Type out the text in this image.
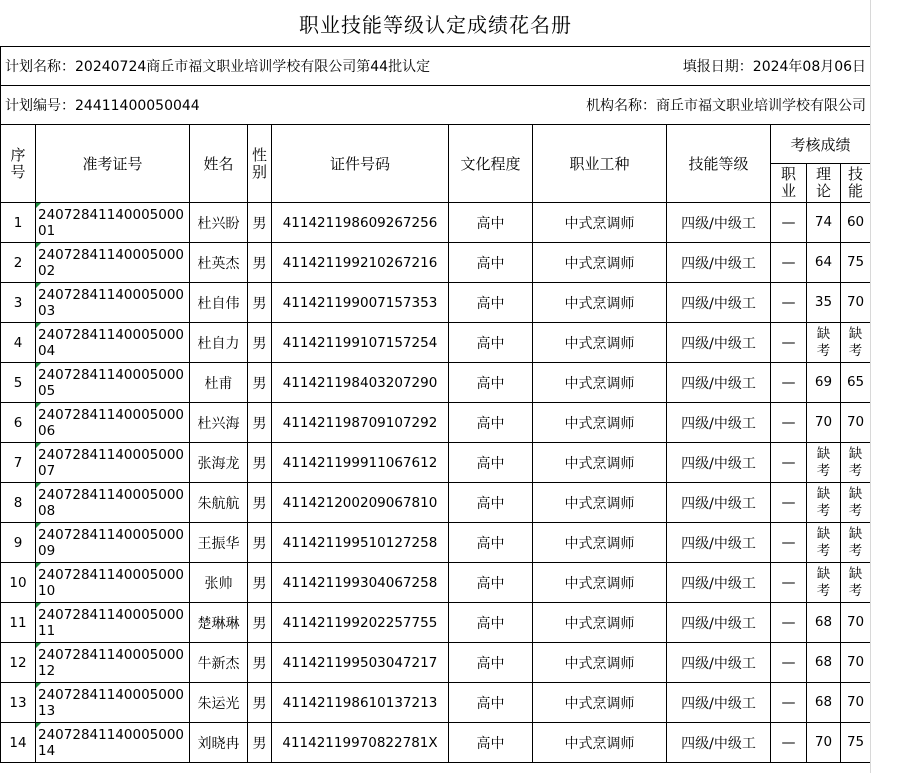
职业技能等级认定成绩花名册										
计划名称：20240724商丘市福文职业培训学校有限公司第44批认定							填报日期：2024年08月06日			
计划编号：24411400050044						机构名称：商丘市福文职业培训学校有限公司				
序号	准考证号	姓名	性别	证件号码	文化程度	职业工种	技能等级	考核成绩		
								职业	理论	技能
1	2407284114000500001	杜兴盼	男	411421198609267256	高中	中式烹调师	四级/中级工	—	74	60
2	2407284114000500002	杜英杰	男	411421199210267216	高中	中式烹调师	四级/中级工	—	64	75
3	2407284114000500003	杜自伟	男	411421199007157353	高中	中式烹调师	四级/中级工	—	35	70
4	2407284114000500004	杜自力	男	411421199107157254	高中	中式烹调师	四级/中级工	—	缺考	缺考
5	2407284114000500005	杜甫	男	411421198403207290	高中	中式烹调师	四级/中级工	—	69	65
6	2407284114000500006	杜兴海	男	411421198709107292	高中	中式烹调师	四级/中级工	—	70	70
7	2407284114000500007	张海龙	男	411421199911067612	高中	中式烹调师	四级/中级工	—	缺考	缺考
8	2407284114000500008	朱航航	男	411421200209067810	高中	中式烹调师	四级/中级工	—	缺考	缺考
9	2407284114000500009	王振华	男	411421199510127258	高中	中式烹调师	四级/中级工	—	缺考	缺考
10	2407284114000500010	张帅	男	411421199304067258	高中	中式烹调师	四级/中级工	—	缺考	缺考
11	2407284114000500011	楚琳琳	男	411421199202257755	高中	中式烹调师	四级/中级工	—	68	70
12	2407284114000500012	牛新杰	男	411421199503047217	高中	中式烹调师	四级/中级工	—	68	70
13	2407284114000500013	朱运光	男	411421198610137213	高中	中式烹调师	四级/中级工	—	68	70
14	2407284114000500014	刘晓冉	男	41142119970822781X	高中	中式烹调师	四级/中级工	—	70	75
